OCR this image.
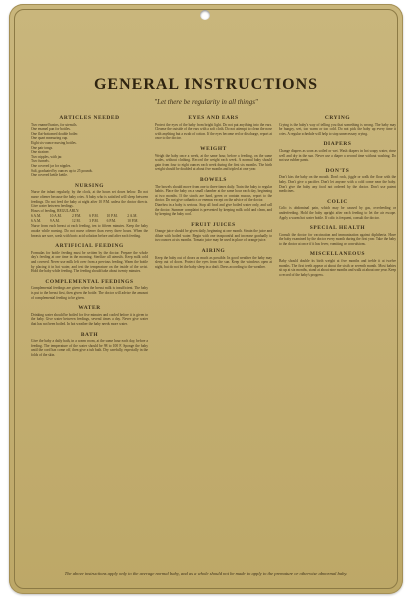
GENERAL INSTRUCTIONS
"Let there be regularity in all things"
ARTICLES NEEDED
Two enamel basins, for utensils.
One enamel pan for bottles.
One flat-bottomed double boiler.
One quart measuring cup.
Eight six-ounce nursing bottles.
One pair tongs.
One strainer.
Two nipples, with jar.
Two funnels.
One covered jar for nipples.
Salt, graduated by ounces up to 25 pounds.
One covered kettle kettle.
NURSING

Nurse the infant regularly, by the clock, at the hours set down below. Do not nurse oftener because the baby cries. A baby who is satisfied will sleep between feedings. Do not feed the baby at night after 10 P.M. unless the doctor directs. Give water between feedings.

Hours of feeding, REGULARLY:
6 A.M.	10 A.M.	2 P.M.	6 P.M.	10 P.M.	2 A.M.
6 A.M.	9 A.M.	12 M.	3 P.M.	6 P.M.	10 P.M.

Nurse from each breast at each feeding, ten to fifteen minutes. Keep the baby awake while nursing. Do not nurse oftener than every three hours. When the breasts are sore, wash with boric acid solution before and after each feeding.

ARTIFICIAL FEEDING

Formulas for bottle feeding must be written by the doctor. Prepare the whole day's feeding at one time in the morning. Sterilize all utensils. Keep milk cold and covered. Never use milk left over from a previous feeding. Warm the bottle by placing it in hot water, and test the temperature on the inside of the wrist. Hold the baby while feeding. The feeding should take about twenty minutes.

COMPLEMENTAL FEEDINGS

Complemental feedings are given when the breast milk is insufficient. The baby is put to the breast first, then given the bottle. The doctor will advise the amount of complemental feeding to be given.

WATER

Drinking water should be boiled for five minutes and cooled before it is given to the baby. Give water between feedings, several times a day. Never give water that has not been boiled. In hot weather the baby needs more water.

BATH

Give the baby a daily bath, in a warm room, at the same hour each day, before a feeding. The temperature of the water should be 98 to 100 F. Sponge the baby until the cord has come off, then give a tub bath. Dry carefully, especially in the folds of the skin.

EYES AND EARS

Protect the eyes of the baby from bright light. Do not put anything into the ears. Cleanse the outside of the ears with a soft cloth. Do not attempt to clean the nose with anything but a swab of cotton. If the eyes become red or discharge, report at once to the doctor.

WEIGHT

Weigh the baby once a week, at the same hour, before a feeding, on the same scales, without clothing. Record the weight each week. A normal baby should gain from four to eight ounces each week during the first six months. The birth weight should be doubled at about five months and tripled at one year.

BOWELS

The bowels should move from one to three times daily. Train the baby to regular habits. Place the baby on a small chamber at the same hour each day, beginning at two months. If the stools are hard, green or contain mucus, report to the doctor. Do not give cathartics or enemas except on the advice of the doctor.

Diarrhea in a baby is serious. Stop all food and give boiled water only, and call the doctor. Summer complaint is prevented by keeping milk cold and clean, and by keeping the baby cool.

FRUIT JUICES

Orange juice should be given daily, beginning at one month. Strain the juice and dilute with boiled water. Begin with one teaspoonful and increase gradually to two ounces at six months. Tomato juice may be used in place of orange juice.

AIRING

Keep the baby out of doors as much as possible. In good weather the baby may sleep out of doors. Protect the eyes from the sun. Keep the windows open at night, but do not let the baby sleep in a draft. Dress according to the weather.

CRYING

Crying is the baby's way of telling you that something is wrong. The baby may be hungry, wet, too warm or too cold. Do not pick the baby up every time it cries. A regular schedule will help to stop unnecessary crying.

DIAPERS

Change diapers as soon as soiled or wet. Wash diapers in hot soapy water, rinse well and dry in the sun. Never use a diaper a second time without washing. Do not use rubber pants.

DON'TS

Don't kiss the baby on the mouth. Don't rock, jiggle or walk the floor with the baby. Don't give a pacifier. Don't let anyone with a cold come near the baby. Don't give the baby any food not ordered by the doctor. Don't use patent medicines.

COLIC

Colic is abdominal pain, which may be caused by gas, overfeeding or underfeeding. Hold the baby upright after each feeding to let the air escape. Apply a warm hot water bottle. If colic is frequent, consult the doctor.

SPECIAL HEALTH

Consult the doctor for vaccination and immunization against diphtheria. Have the baby examined by the doctor every month during the first year. Take the baby to the doctor at once if it has fever, vomiting or convulsions.

MISCELLANEOUS

Baby should double its birth weight at five months and treble it at twelve months. The first teeth appear at about the sixth or seventh month. Most babies sit up at six months, stand at about nine months and walk at about one year. Keep a record of the baby's progress.

The above instructions apply only to the average normal baby, and as a whole should not be made to apply to the premature or otherwise abnormal baby.
